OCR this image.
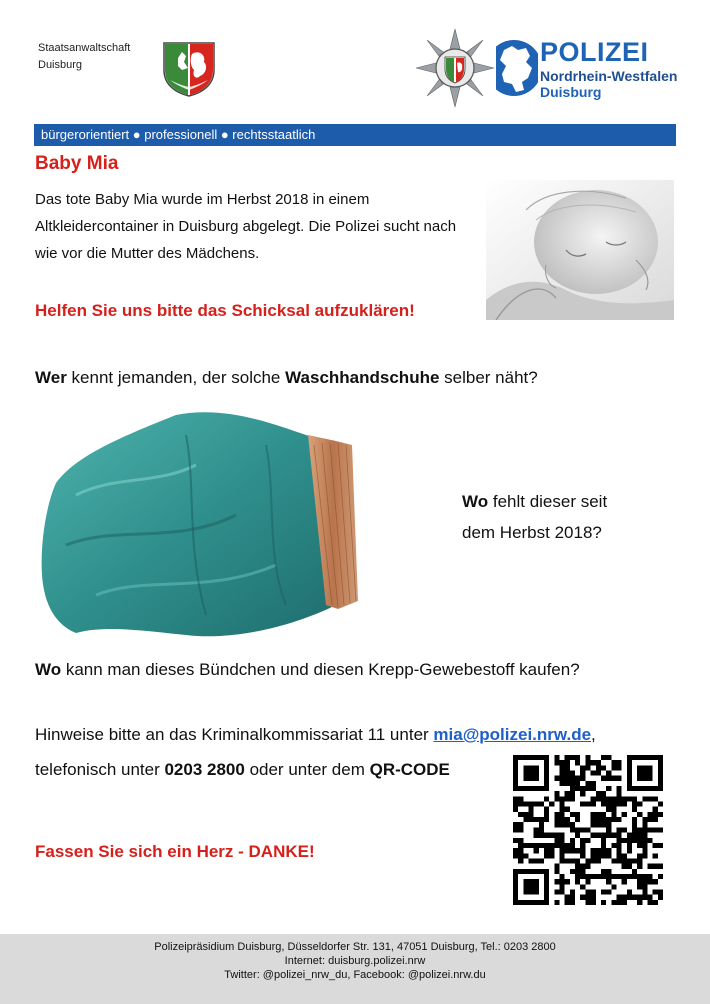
Staatsanwaltschaft
Duisburg	POLIZEI
Nordrhein-Westfalen
Duisburg
bürgerorientiert ● professionell ● rechtsstaatlich
Baby Mia
Das tote Baby Mia wurde im Herbst 2018 in einem Altkleidercontainer in Duisburg abgelegt. Die Polizei sucht nach wie vor die Mutter des Mädchens.
Helfen Sie uns bitte das Schicksal aufzuklären!
Wer kennt jemanden, der solche Waschhandschuhe selber näht?
Wo fehlt dieser seit
dem Herbst 2018?
Wo kann man dieses Bündchen und diesen Krepp-Gewebestoff kaufen?
Hinweise bitte an das Kriminalkommissariat 11 unter mia@polizei.nrw.de,
telefonisch unter 0203 2800 oder unter dem QR-CODE
Fassen Sie sich ein Herz - DANKE!
Polizeipräsidium Duisburg, Düsseldorfer Str. 131, 47051 Duisburg, Tel.: 0203 2800
Internet: duisburg.polizei.nrw
Twitter: @polizei_nrw_du, Facebook: @polizei.nrw.du
